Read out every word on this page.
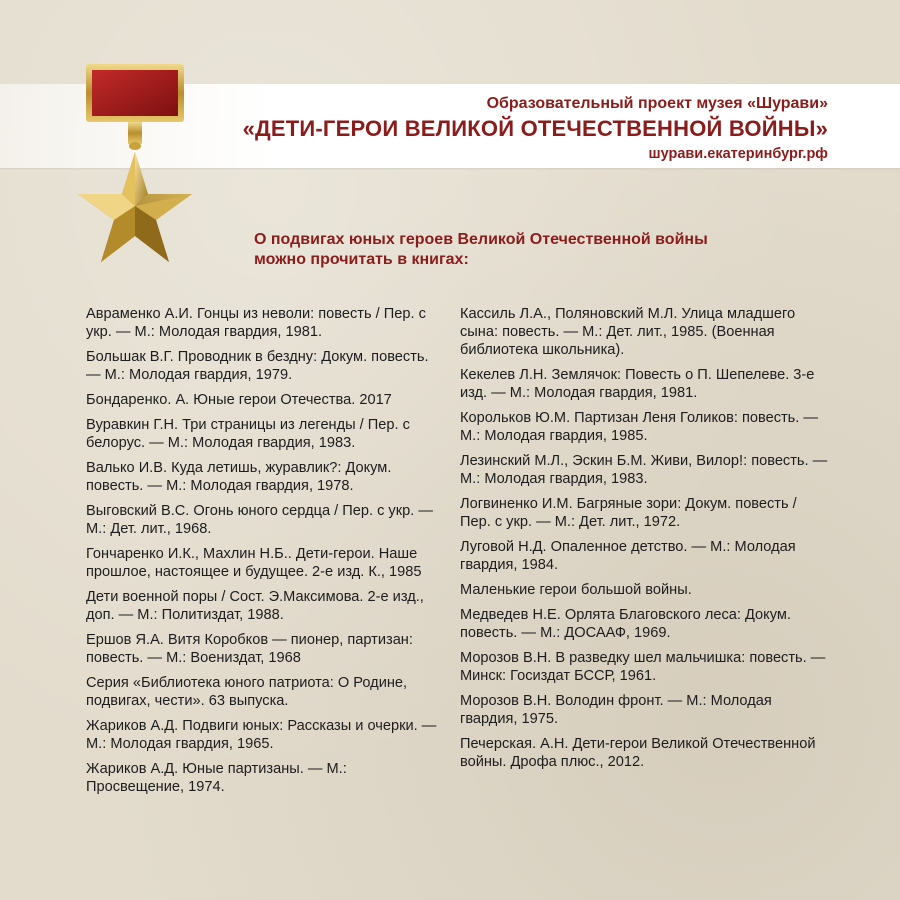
Образовательный проект музея «Шурави»
«ДЕТИ-ГЕРОИ ВЕЛИКОЙ ОТЕЧЕСТВЕННОЙ ВОЙНЫ»
шурави.екатеринбург.рф
О подвигах юных героев Великой Отечественной войны
можно прочитать в книгах:
Авраменко А.И. Гонцы из неволи: повесть / Пер. с укр. — М.: Молодая гвардия, 1981.
Большак В.Г. Проводник в бездну: Докум. повесть. — М.: Молодая гвардия, 1979.
Бондаренко. А. Юные герои Отечества. 2017
Вуравкин Г.Н. Три страницы из легенды / Пер. с белорус. — М.: Молодая гвардия, 1983.
Валько И.В. Куда летишь, журавлик?: Докум. повесть. — М.: Молодая гвардия, 1978.
Выговский В.С. Огонь юного сердца / Пер. с укр. — М.: Дет. лит., 1968.
Гончаренко И.К., Махлин Н.Б.. Дети-герои. Наше прошлое, настоящее и будущее. 2-е изд. К., 1985
Дети военной поры / Сост. Э.Максимова. 2-е изд., доп. — М.: Политиздат, 1988.
Ершов Я.А. Витя Коробков — пионер, партизан: повесть. — М.: Воениздат, 1968
Серия «Библиотека юного патриота: О Родине, подвигах, чести». 63 выпуска.
Жариков А.Д. Подвиги юных: Рассказы и очерки. — М.: Молодая гвардия, 1965.
Жариков А.Д. Юные партизаны. — М.: Просвещение, 1974.
Кассиль Л.А., Поляновский М.Л. Улица младшего сына: повесть. — М.: Дет. лит., 1985. (Военная библиотека школьника).
Кекелев Л.Н. Землячок: Повесть о П. Шепелеве. 3-е изд. — М.: Молодая гвардия, 1981.
Корольков Ю.М. Партизан Леня Голиков: повесть. — М.: Молодая гвардия, 1985.
Лезинский М.Л., Эскин Б.М. Живи, Вилор!: повесть. — М.: Молодая гвардия, 1983.
Логвиненко И.М. Багряные зори: Докум. повесть / Пер. с укр. — М.: Дет. лит., 1972.
Луговой Н.Д. Опаленное детство. — М.: Молодая гвардия, 1984.
Маленькие герои большой войны.
Медведев Н.Е. Орлята Благовского леса: Докум. повесть. — М.: ДОСААФ, 1969.
Морозов В.Н. В разведку шел мальчишка: повесть. — Минск: Госиздат БССР, 1961.
Морозов В.Н. Володин фронт. — М.: Молодая гвардия, 1975.
Печерская. А.Н. Дети-герои Великой Отечественной войны. Дрофа плюс., 2012.
